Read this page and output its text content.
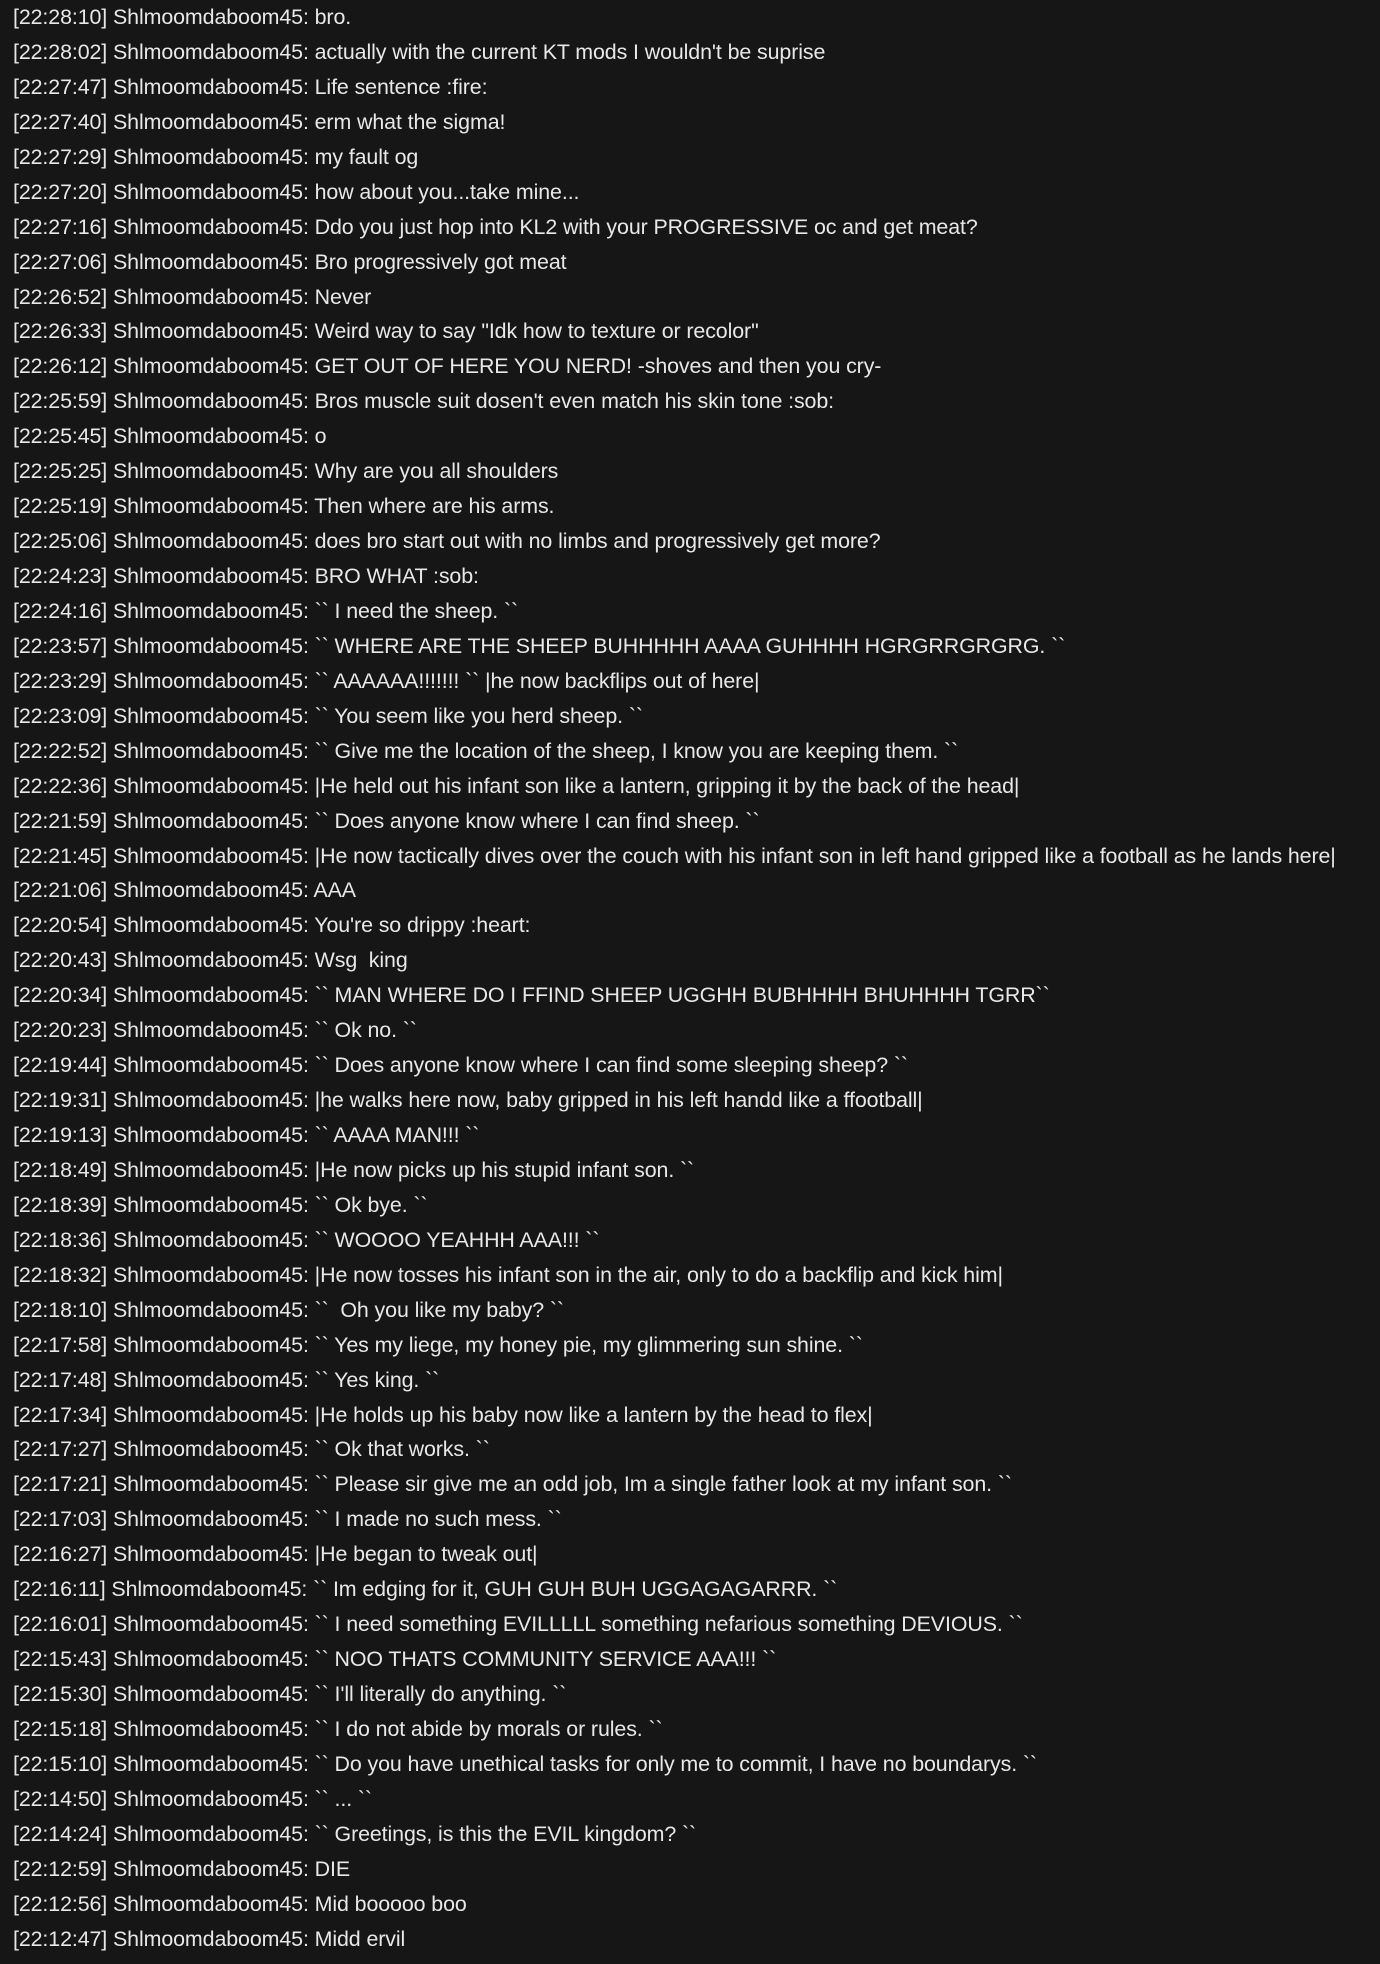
[22:28:10] Shlmoomdaboom45: bro.
[22:28:02] Shlmoomdaboom45: actually with the current KT mods I wouldn't be suprise
[22:27:47] Shlmoomdaboom45: Life sentence :fire:
[22:27:40] Shlmoomdaboom45: erm what the sigma!
[22:27:29] Shlmoomdaboom45: my fault og
[22:27:20] Shlmoomdaboom45: how about you...take mine...
[22:27:16] Shlmoomdaboom45: Ddo you just hop into KL2 with your PROGRESSIVE oc and get meat?
[22:27:06] Shlmoomdaboom45: Bro progressively got meat
[22:26:52] Shlmoomdaboom45: Never
[22:26:33] Shlmoomdaboom45: Weird way to say "Idk how to texture or recolor"
[22:26:12] Shlmoomdaboom45: GET OUT OF HERE YOU NERD! -shoves and then you cry-
[22:25:59] Shlmoomdaboom45: Bros muscle suit dosen't even match his skin tone :sob:
[22:25:45] Shlmoomdaboom45: o
[22:25:25] Shlmoomdaboom45: Why are you all shoulders
[22:25:19] Shlmoomdaboom45: Then where are his arms.
[22:25:06] Shlmoomdaboom45: does bro start out with no limbs and progressively get more?
[22:24:23] Shlmoomdaboom45: BRO WHAT :sob:
[22:24:16] Shlmoomdaboom45: `` I need the sheep. ``
[22:23:57] Shlmoomdaboom45: `` WHERE ARE THE SHEEP BUHHHHH AAAA GUHHHH HGRGRRGRGRG. ``
[22:23:29] Shlmoomdaboom45: `` AAAAAA!!!!!!! `` |he now backflips out of here|
[22:23:09] Shlmoomdaboom45: `` You seem like you herd sheep. ``
[22:22:52] Shlmoomdaboom45: `` Give me the location of the sheep, I know you are keeping them. ``
[22:22:36] Shlmoomdaboom45: |He held out his infant son like a lantern, gripping it by the back of the head|
[22:21:59] Shlmoomdaboom45: `` Does anyone know where I can find sheep. ``
[22:21:45] Shlmoomdaboom45: |He now tactically dives over the couch with his infant son in left hand gripped like a football as he lands here|
[22:21:06] Shlmoomdaboom45: AAA
[22:20:54] Shlmoomdaboom45: You're so drippy :heart:
[22:20:43] Shlmoomdaboom45: Wsg  king
[22:20:34] Shlmoomdaboom45: `` MAN WHERE DO I FFIND SHEEP UGGHH BUBHHHH BHUHHHH TGRR``
[22:20:23] Shlmoomdaboom45: `` Ok no. ``
[22:19:44] Shlmoomdaboom45: `` Does anyone know where I can find some sleeping sheep? ``
[22:19:31] Shlmoomdaboom45: |he walks here now, baby gripped in his left handd like a ffootball|
[22:19:13] Shlmoomdaboom45: `` AAAA MAN!!! ``
[22:18:49] Shlmoomdaboom45: |He now picks up his stupid infant son. ``
[22:18:39] Shlmoomdaboom45: `` Ok bye. ``
[22:18:36] Shlmoomdaboom45: `` WOOOO YEAHHH AAA!!! ``
[22:18:32] Shlmoomdaboom45: |He now tosses his infant son in the air, only to do a backflip and kick him|
[22:18:10] Shlmoomdaboom45: ``  Oh you like my baby? ``
[22:17:58] Shlmoomdaboom45: `` Yes my liege, my honey pie, my glimmering sun shine. ``
[22:17:48] Shlmoomdaboom45: `` Yes king. ``
[22:17:34] Shlmoomdaboom45: |He holds up his baby now like a lantern by the head to flex|
[22:17:27] Shlmoomdaboom45: `` Ok that works. ``
[22:17:21] Shlmoomdaboom45: `` Please sir give me an odd job, Im a single father look at my infant son. ``
[22:17:03] Shlmoomdaboom45: `` I made no such mess. ``
[22:16:27] Shlmoomdaboom45: |He began to tweak out|
[22:16:11] Shlmoomdaboom45: `` Im edging for it, GUH GUH BUH UGGAGAGARRR. ``
[22:16:01] Shlmoomdaboom45: `` I need something EVILLLLL something nefarious something DEVIOUS. ``
[22:15:43] Shlmoomdaboom45: `` NOO THATS COMMUNITY SERVICE AAA!!! ``
[22:15:30] Shlmoomdaboom45: `` I'll literally do anything. ``
[22:15:18] Shlmoomdaboom45: `` I do not abide by morals or rules. ``
[22:15:10] Shlmoomdaboom45: `` Do you have unethical tasks for only me to commit, I have no boundarys. ``
[22:14:50] Shlmoomdaboom45: `` ... ``
[22:14:24] Shlmoomdaboom45: `` Greetings, is this the EVIL kingdom? ``
[22:12:59] Shlmoomdaboom45: DIE
[22:12:56] Shlmoomdaboom45: Mid booooo boo
[22:12:47] Shlmoomdaboom45: Midd ervil
